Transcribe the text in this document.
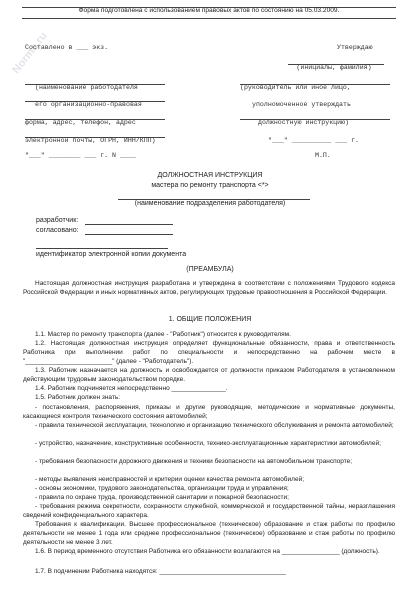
Norma.ru
Форма подготовлена с использованием правовых актов по состоянию на 05.03.2009.
Составлено в ___ экз.	Утверждаю
(инициалы, фамилия)
(наименование работодателя	(руководитель или иное лицо,
его организационно-правовая	уполномоченное утверждать
форма, адрес, телефон, адрес	должностную инструкцию)
электронной почты, ОГРН, ИНН/КПП)	"___" __________ ___ г.
"___" ________ ___ г. N ____	М.П.
ДОЛЖНОСТНАЯ ИНСТРУКЦИЯ
мастера по ремонту транспорта <*>
(наименование подразделения работодателя)
разработчик:
согласовано:
идентификатор электронной копии документа
(ПРЕАМБУЛА)
Настоящая должностная инструкция разработана и утверждена в соответствии с положениями Трудового кодекса Российской Федерации и иных нормативных актов, регулирующих трудовые правоотношения в Российской Федерации.
1. ОБЩИЕ ПОЛОЖЕНИЯ
1.1. Мастер по ремонту транспорта (далее - "Работник") относится к руководителям.
1.2. Настоящая должностная инструкция определяет функциональные обязанности, права и ответственность Работника при выполнении работ по специальности и непосредственно на рабочем месте в "________________________" (далее - "Работодатель").
1.3. Работник назначается на должность и освобождается от должности приказом Работодателя в установленном действующим трудовым законодательством порядке.
1.4. Работник подчиняется непосредственно _______________.
1.5. Работник должен знать:
- постановления, распоряжения, приказы и другие руководящие, методические и нормативные документы, касающиеся контроля технического состояния автомобилей;
- правила технической эксплуатации, технологию и организацию технического обслуживания и ремонта автомобилей;
- устройство, назначение, конструктивные особенности, технико-эксплуатационные характеристики автомобилей;
- требования безопасности дорожного движения и техники безопасности на автомобильном транспорте;
- методы выявления неисправностей и критерии оценки качества ремонта автомобилей;
- основы экономики, трудового законодательства, организации труда и управления;
- правила по охране труда, производственной санитарии и пожарной безопасности;
- требования режима секретности, сохранности служебной, коммерческой и государственной тайны, неразглашения сведений конфиденциального характера.
Требования к квалификации. Высшее профессиональное (техническое) образование и стаж работы по профилю деятельности не менее 1 года или среднее профессиональное (техническое) образование и стаж работы по профилю деятельности не менее 3 лет.
1.6. В период временного отсутствия Работника его обязанности возлагаются на ________________ (должность).
1.7. В подчинении Работника находятся: ___________________________________
